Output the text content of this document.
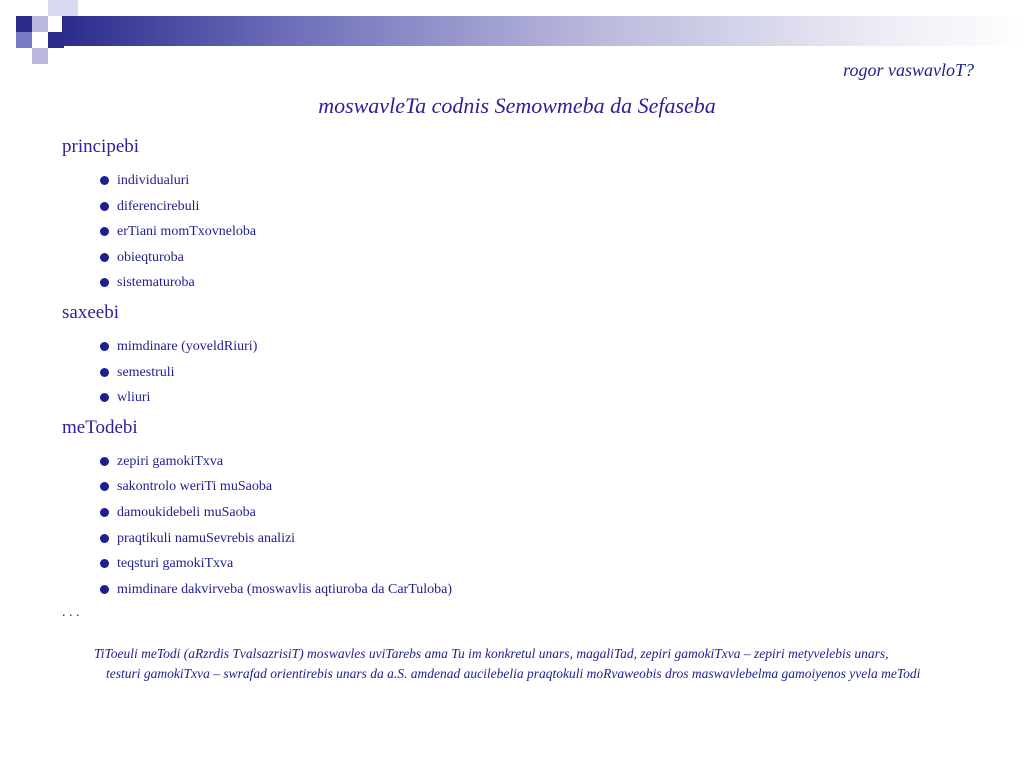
rogor vaswavloT?
moswavleTa codnis Semowmeba da Sefaseba
principebi
individualuri
diferencirebuli
erTiani momTxovneloba
obieqturoba
sistematuroba
saxeebi
mimdinare (yoveldRiuri)
semestruli
wliuri
meTodebi
zepiri gamokiTxva
sakontrolo weriTi muSaoba
damoukidebeli muSaoba
praqtikuli namuSevrebis analizi
teqsturi gamokiTxva
mimdinare dakvirveba (moswavlis aqtiuroba da CarTuloba)
. . .
TiToeuli meTodi (aRzrdis TvalsazrisiT) moswavles uviTarebs ama Tu im konkretul unars, magaliTad, zepiri gamokiTxva – zepiri metyvelebis unars,
testuri gamokiTxva – swrafad orientirebis unars da a.S. amdenad aucilebelia praqtokuli moRvaweobis dros maswavlebelma gamoiyenos yvela meTodi
